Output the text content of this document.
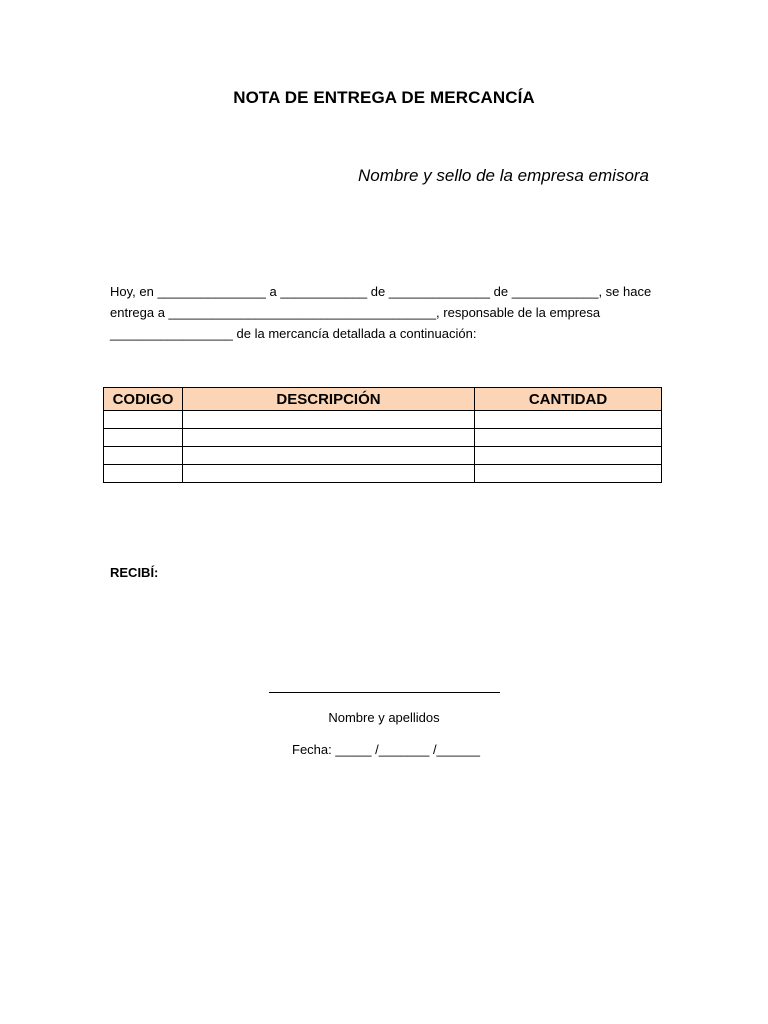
NOTA DE ENTREGA DE MERCANCÍA
Nombre y sello de la empresa emisora
Hoy, en _______________ a ____________ de ______________ de ____________, se hace
entrega a _____________________________________, responsable de la empresa
_________________ de la mercancía detallada a continuación:
CODIGO	DESCRIPCIÓN	CANTIDAD

RECIBÍ:
Nombre y apellidos
Fecha: _____ /_______ /______
